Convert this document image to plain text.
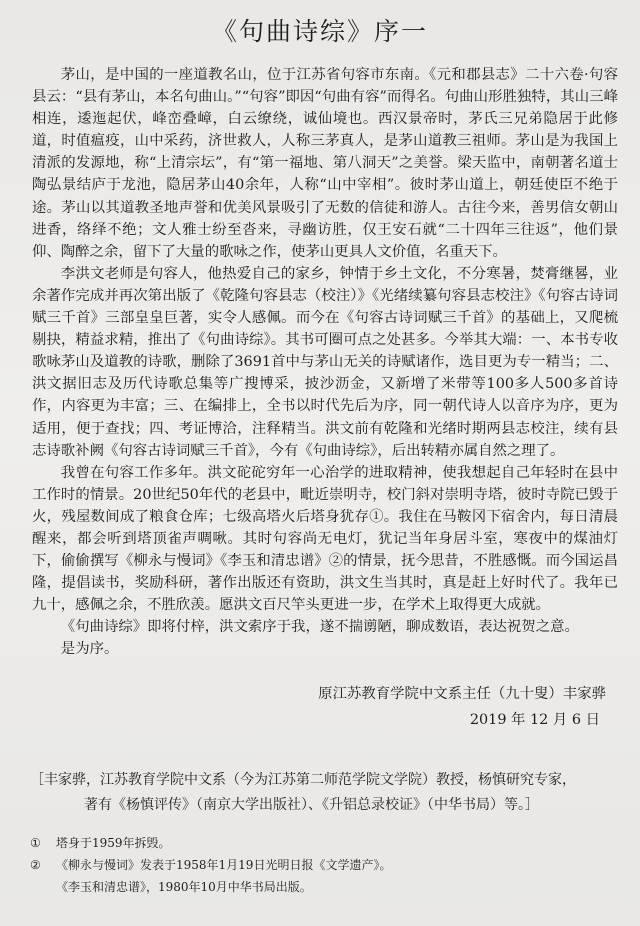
《句曲诗综》序一

茅山，是中国的一座道教名山，位于江苏省句容市东南。《元和郡县志》二十六卷·句容县云：“县有茅山，本名句曲山。”“句容”即因“句曲有容”而得名。句曲山形胜独特，其山三峰相连，逶迤起伏，峰峦叠嶂，白云缭绕，诚仙境也。西汉景帝时，茅氏三兄弟隐居于此修道，时值瘟疫，山中采药，济世救人，人称三茅真人，是茅山道教三祖师。茅山是为我国上清派的发源地，称“上清宗坛”，有“第一福地、第八洞天”之美誉。梁天监中，南朝著名道士陶弘景结庐于龙池，隐居茅山40余年，人称“山中宰相”。彼时茅山道上，朝廷使臣不绝于途。茅山以其道教圣地声誉和优美风景吸引了无数的信徒和游人。古往今来，善男信女朝山进香，络绎不绝；文人雅士纷至沓来，寻幽访胜，仅王安石就“二十四年三往返”，他们景仰、陶醉之余，留下了大量的歌咏之作，使茅山更具人文价值，名重天下。

李洪文老师是句容人，他热爱自己的家乡，钟情于乡土文化，不分寒暑，焚膏继晷，业余著作完成并再次第出版了《乾隆句容县志（校注）》《光绪续纂句容县志校注》《句容古诗词赋三千首》三部皇皇巨著，实令人感佩。而今在《句容古诗词赋三千首》的基础上，又爬梳剔抉，精益求精，推出了《句曲诗综》。其书可圈可点之处甚多。今举其大端：一、本书专收歌咏茅山及道教的诗歌，删除了3691首中与茅山无关的诗赋诸作，选目更为专一精当；二、洪文据旧志及历代诗歌总集等广搜博采，披沙沥金，又新增了米带等100多人500多首诗作，内容更为丰富；三、在编排上，全书以时代先后为序，同一朝代诗人以音序为序，更为适用，便于查找；四、考证博洽，注释精当。洪文前有乾隆和光绪时期两县志校注，续有县志诗歌补阙《句容古诗词赋三千首》，今有《句曲诗综》，后出转精亦属自然之理了。

我曾在句容工作多年。洪文砣砣穷年一心治学的进取精神，使我想起自己年轻时在县中工作时的情景。20世纪50年代的老县中，毗近崇明寺，校门斜对崇明寺塔，彼时寺院已毁于火，残屋数间成了粮食仓库；七级高塔火后塔身犹存①。我住在马鞍冈下宿舍内，每日清晨醒来，都会听到塔顶雀声啁啾。其时句容尚无电灯，犹记当年身居斗室，寒夜中的煤油灯下，偷偷撰写《柳永与慢词》《李玉和清忠谱》②的情景，抚今思昔，不胜感慨。而今国运昌隆，提倡读书，奖励科研，著作出版还有资助，洪文生当其时，真是赶上好时代了。我年已九十，感佩之余，不胜欣羡。愿洪文百尺竿头更进一步，在学术上取得更大成就。

《句曲诗综》即将付梓，洪文索序于我，遂不揣谫陋，聊成数语，表达祝贺之意。

是为序。

原江苏教育学院中文系主任（九十叟）丰家骅
2019 年 12 月 6 日
［丰家骅，江苏教育学院中文系（今为江苏第二师范学院文学院）教授，杨慎研究专家，
著有《杨慎评传》（南京大学出版社）、《升铝总录校证》（中华书局）等。］
①	塔身于1959年拆毁。
②	《柳永与慢词》发表于1958年1月19日光明日报《文学遗产》。
《李玉和清忠谱》，1980年10月中华书局出版。
